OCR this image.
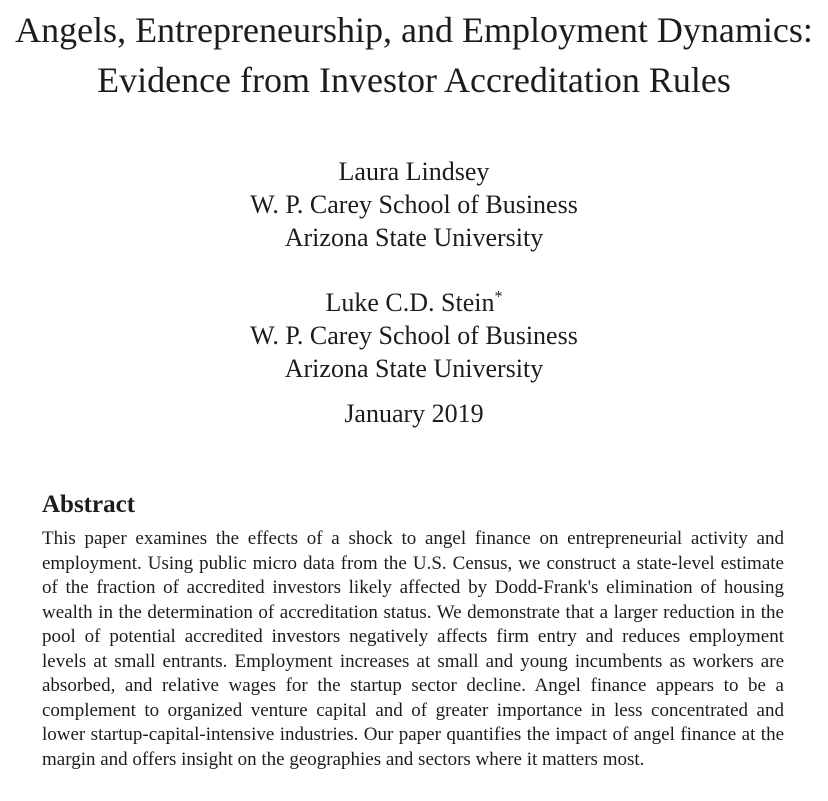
Angels, Entrepreneurship, and Employment Dynamics:
Evidence from Investor Accreditation Rules
Laura Lindsey
W. P. Carey School of Business
Arizona State University
Luke C.D. Stein*
W. P. Carey School of Business
Arizona State University
January 2019
Abstract
This paper examines the effects of a shock to angel finance on entrepreneurial activity and employment. Using public micro data from the U.S. Census, we construct a state-level estimate of the fraction of accredited investors likely affected by Dodd-Frank's elimination of housing wealth in the determination of accreditation status. We demonstrate that a larger reduction in the pool of potential accredited investors negatively affects firm entry and reduces employment levels at small entrants. Employment increases at small and young incumbents as workers are absorbed, and relative wages for the startup sector decline. Angel finance appears to be a complement to organized venture capital and of greater importance in less concentrated and lower startup-capital-intensive industries. Our paper quantifies the impact of angel finance at the margin and offers insight on the geographies and sectors where it matters most.
